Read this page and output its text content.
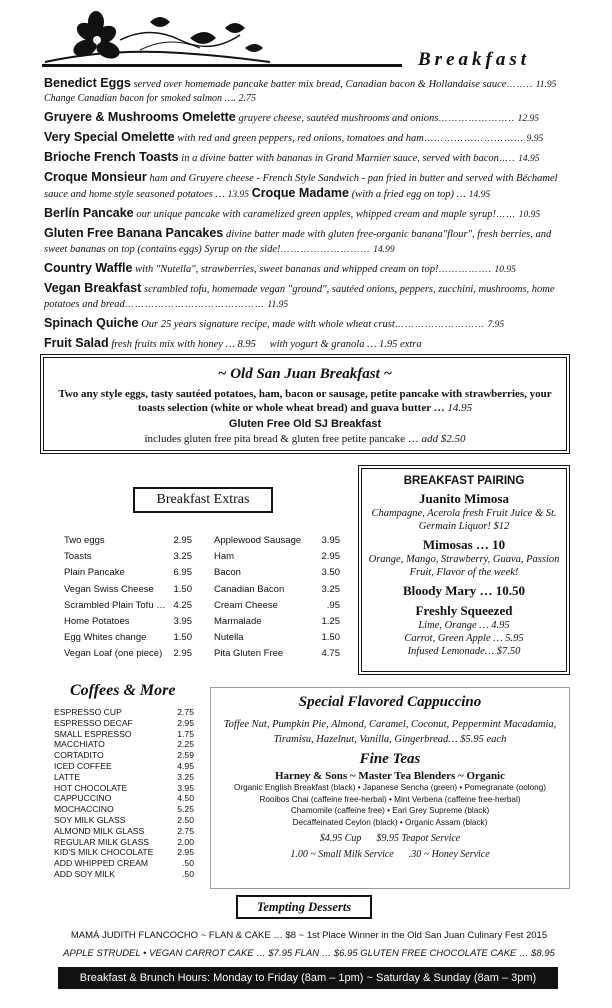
Breakfast
Benedict Eggs served over homemade pancake batter mix bread, Canadian bacon & Hollandaise sauce…….. 11.95
Change Canadian bacon for smoked salmon …. 2.75
Gruyere & Mushrooms Omelette gruyere cheese, sautéed mushrooms and onions………………….. 12.95
Very Special Omelette with red and green peppers, red onions, tomatoes and ham………………………… 9.95
Brioche French Toasts in a divine batter with bananas in Grand Marnier sauce, served with bacon….. 14.95
Croque Monsieur ham and Gruyere cheese - French Style Sandwich - pan fried in butter and served with Béchamel sauce and home style seasoned potatoes … 13.95 Croque Madame (with a fried egg on top) … 14.95
Berlín Pancake our unique pancake with caramelized green apples, whipped cream and maple syrup!…… 10.95
Gluten Free Banana Pancakes divine batter made with gluten free-organic banana"flour", fresh berries, and sweet bananas on top (contains eggs) Syrup on the side!……………………… 14.99
Country Waffle with "Nutella", strawberries, sweet bananas and whipped cream on top!……………. 10.95
Vegan Breakfast scrambled tofu, homemade vegan "ground", sautéed onions, peppers, zucchini, mushrooms, home potatoes and bread…………………………………… 11.95
Spinach Quiche Our 25 years signature recipe, made with whole wheat crust……………………… 7.95
Fruit Salad fresh fruits mix with honey … 8.95 with yogurt & granola … 1.95 extra
~ Old San Juan Breakfast ~
Two any style eggs, tasty sautéed potatoes, ham, bacon or sausage, petite pancake with strawberries, your toasts selection (white or whole wheat bread) and guava butter … 14.95
Gluten Free Old SJ Breakfast
includes gluten free pita bread & gluten free petite pancake … add $2.50
Breakfast Extras
Two eggs	2.95
Toasts	3.25
Plain Pancake	6.95
Vegan Swiss Cheese 1.50
Scrambled Plain Tofu … 4.25
Home Potatoes	3.95
Egg Whites change	1.50
Vegan Loaf (one piece) 2.95
Applewood Sausage 3.95
Ham	2.95
Bacon	3.50
Canadian Bacon	3.25
Cream Cheese	.95
Marmalade	1.25
Nutella	1.50
Pita Gluten Free	4.75
BREAKFAST PAIRING
Juanito Mimosa
Champagne, Acerola fresh Fruit Juice & St. Germain Liquor! $12
Mimosas … 10
Orange, Mango, Strawberry, Guava, Passion Fruit, Flavor of the week!
Bloody Mary … 10.50
Freshly Squeezed
Lime, Orange … 4.95
Carrot, Green Apple … 5.95
Infused Lemonade… $7.50
Coffees & More
ESPRESSO CUP	2.75
ESPRESSO DECAF	2.95
SMALL ESPRESSO	1.75
MACCHIATO	2.25
CORTADITO	2.59
ICED COFFEE	4.95
LATTE	3.25
HOT CHOCOLATE	3.95
CAPPUCCINO	4.50
MOCHACCINO	5.25
SOY MILK GLASS	2.50
ALMOND MILK GLASS	2.75
REGULAR MILK GLASS	2.00
KID'S MILK CHOCOLATE	2.95
ADD WHIPPED CREAM	.50
ADD SOY MILK	.50
Special Flavored Cappuccino
Toffee Nut, Pumpkin Pie, Almond, Caramel, Coconut, Peppermint Macadamia, Tiramisu, Hazelnut, Vanilla, Gingerbread… $5.95 each
Fine Teas
Harney & Sons ~ Master Tea Blenders ~ Organic
Organic English Breakfast (black) • Japanese Sencha (green) • Pomegranate (oolong)
Rooibos Chai (caffeine free-herbal) • Mint Verbena (caffeine free-herbal)
Chamomile (caffeine free) • Earl Grey Supreme (black)
Decaffeinated Ceylon (black) • Organic Assam (black)
$4.95 Cup $9.95 Teapot Service
1.00 ~ Small Milk Service .30 ~ Honey Service
Tempting Desserts
MAMÁ JUDITH FLANCOCHO ~ FLAN & CAKE … $8 ~ 1st Place Winner in the Old San Juan Culinary Fest 2015
APPLE STRUDEL • VEGAN CARROT CAKE … $7.95 FLAN … $6.95 GLUTEN FREE CHOCOLATE CAKE … $8.95
Breakfast & Brunch Hours: Monday to Friday (8am – 1pm) ~ Saturday & Sunday (8am – 3pm)
